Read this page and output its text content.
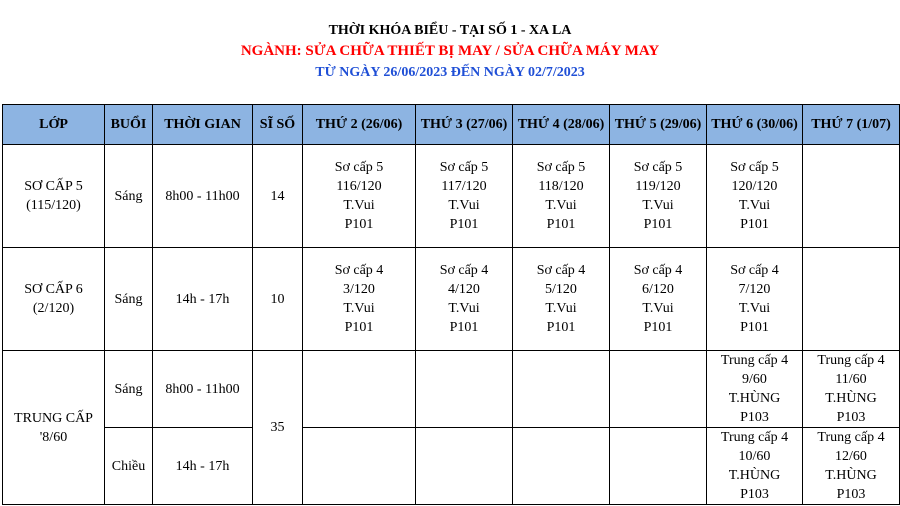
THỜI KHÓA BIỂU - TẠI SỐ 1 - XA LA
NGÀNH: SỬA CHỮA THIẾT BỊ MAY / SỬA CHỮA MÁY MAY
TỪ NGÀY 26/06/2023 ĐẾN NGÀY 02/7/2023
LỚP	BUỔI	THỜI GIAN	SĨ SỐ	THỨ 2 (26/06)	THỨ 3 (27/06)	THỨ 4 (28/06)	THỨ 5 (29/06)	THỨ 6 (30/06)	THỨ 7 (1/07)
SƠ CẤP 5 (115/120)	Sáng	8h00 - 11h00	14	Sơ cấp 5
116/120
T.Vui
P101	Sơ cấp 5
117/120
T.Vui
P101	Sơ cấp 5
118/120
T.Vui
P101	Sơ cấp 5
119/120
T.Vui
P101	Sơ cấp 5
120/120
T.Vui
P101	

SƠ CẤP 6 (2/120)	Sáng	14h - 17h	10	Sơ cấp 4
3/120
T.Vui
P101	Sơ cấp 4
4/120
T.Vui
P101	Sơ cấp 4
5/120
T.Vui
P101	Sơ cấp 4
6/120
T.Vui
P101	Sơ cấp 4
7/120
T.Vui
P101	

TRUNG CẤP '8/60	Sáng	8h00 - 11h00	35					Trung cấp 4
9/60
T.HÙNG
P103	Trung cấp 4
11/60
T.HÙNG
P103

	Chiều	14h - 17h						Trung cấp 4
10/60
T.HÙNG
P103	Trung cấp 4
12/60
T.HÙNG
P103
